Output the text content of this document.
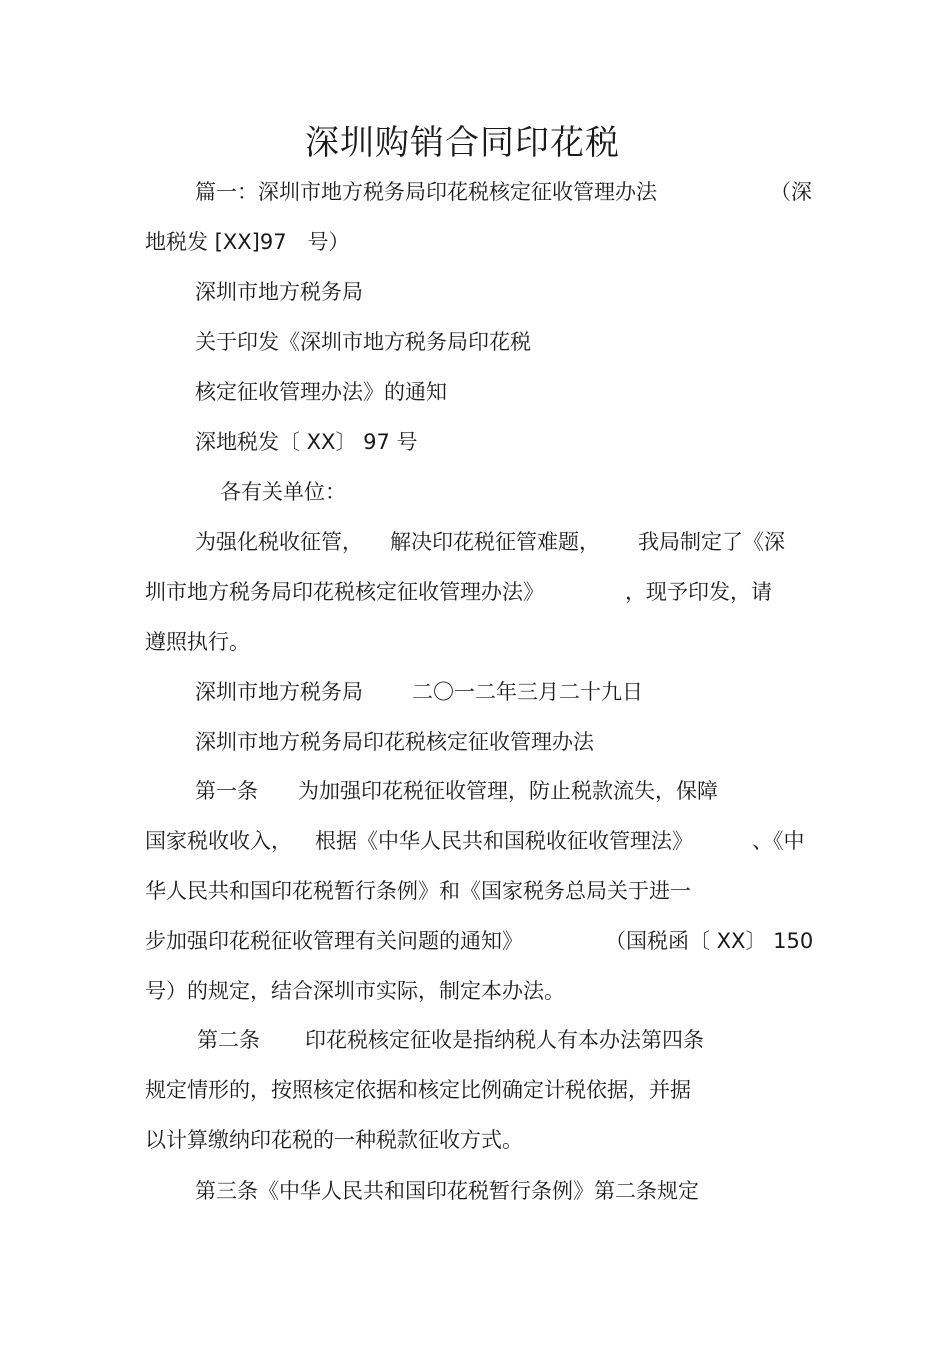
深圳购销合同印花税
篇一：深圳市地方税务局印花税核定征收管理办法	（深
地税发 [XX]97　号）
深圳市地方税务局
关于印发《深圳市地方税务局印花税
核定征收管理办法》的通知
深地税发〔 XX〕 97 号
各有关单位：
为强化税收征管， 解决印花税征管难题， 我局制定了《深
圳市地方税务局印花税核定征收管理办法》	，现予印发，请
遵照执行。
深圳市地方税务局 二〇一二年三月二十九日
深圳市地方税务局印花税核定征收管理办法
第一条 为加强印花税征收管理，防止税款流失，保障
国家税收收入， 根据《中华人民共和国税收征收管理法》	、《中
华人民共和国印花税暂行条例》和《国家税务总局关于进一
步加强印花税征收管理有关问题的通知》	（国税函〔 XX〕 150
号）的规定，结合深圳市实际，制定本办法。
第二条 印花税核定征收是指纳税人有本办法第四条
规定情形的，按照核定依据和核定比例确定计税依据，并据
以计算缴纳印花税的一种税款征收方式。
第三条《中华人民共和国印花税暂行条例》第二条规定
